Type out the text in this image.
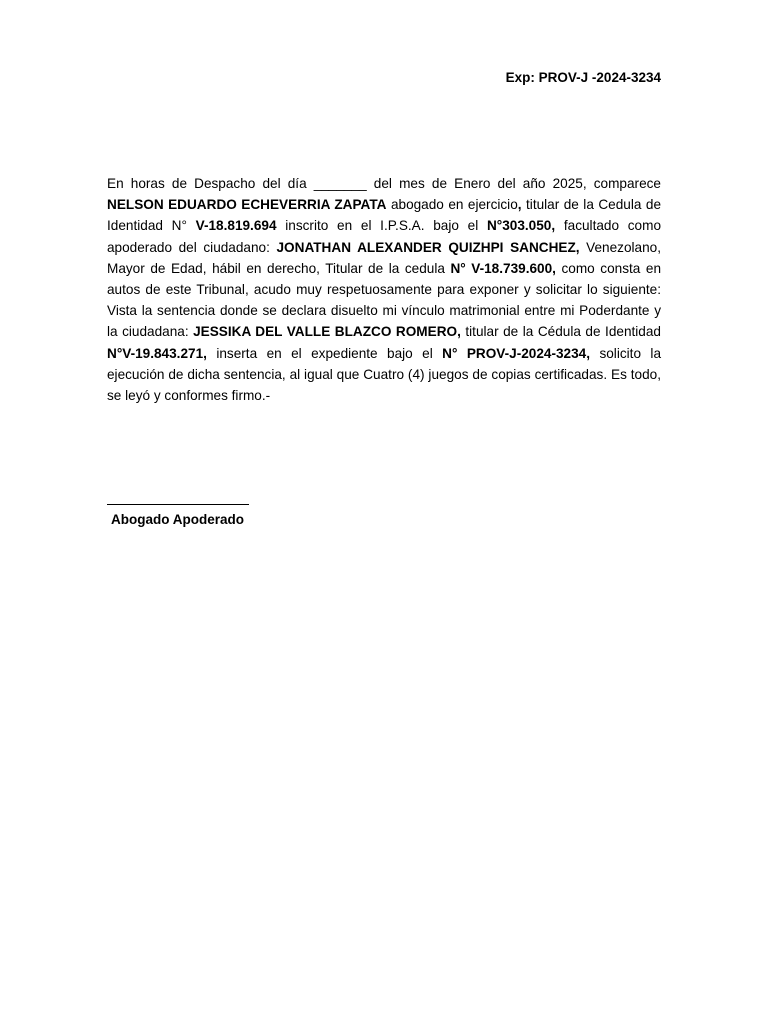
Exp: PROV-J -2024-3234
En horas de Despacho del día _______ del mes de Enero del año 2025, comparece NELSON EDUARDO ECHEVERRIA ZAPATA abogado en ejercicio, titular de la Cedula de Identidad N° V-18.819.694 inscrito en el I.P.S.A. bajo el N°303.050, facultado como apoderado del ciudadano: JONATHAN ALEXANDER QUIZHPI SANCHEZ, Venezolano, Mayor de Edad, hábil en derecho, Titular de la cedula N° V-18.739.600, como consta en autos de este Tribunal, acudo muy respetuosamente para exponer y solicitar lo siguiente: Vista la sentencia donde se declara disuelto mi vínculo matrimonial entre mi Poderdante y la ciudadana: JESSIKA DEL VALLE BLAZCO ROMERO, titular de la Cédula de Identidad N°V-19.843.271, inserta en el expediente bajo el N° PROV-J-2024-3234, solicito la ejecución de dicha sentencia, al igual que Cuatro (4) juegos de copias certificadas. Es todo, se leyó y conformes firmo.-
Abogado Apoderado
